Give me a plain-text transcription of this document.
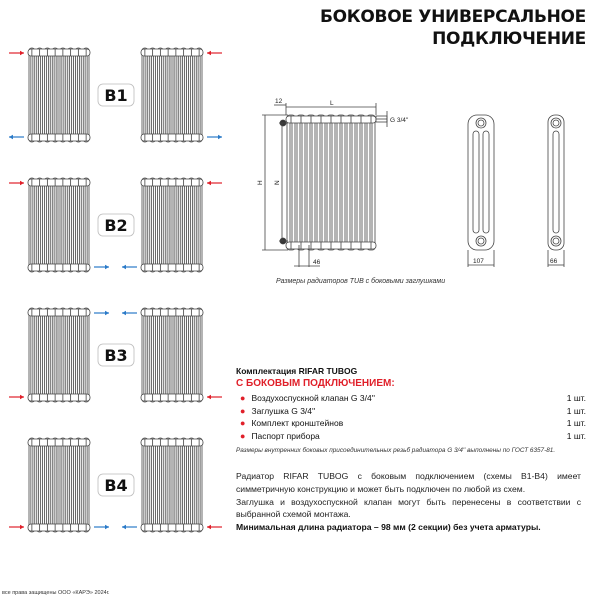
БОКОВОЕ УНИВЕРСАЛЬНОЕ
ПОДКЛЮЧЕНИЕ
B1
B2
B3
B4
L
12
H N
G 3/4''
46	107	66
Размеры радиаторов TUB с боковыми заглушками
Комплектация RIFAR TUBOG
С БОКОВЫМ ПОДКЛЮЧЕНИЕМ:
● Воздухоспускной клапан G 3/4''	1 шт.
● Заглушка G 3/4''	1 шт.
● Комплект кронштейнов	1 шт.
● Паспорт прибора	1 шт.
Размеры внутренних боковых присоединительных резьб радиатора G 3/4'' выполнены по ГОСТ 6357-81.

Радиатор RIFAR TUBOG с боковым подключением (схемы B1-B4) имеет симметричную конструкцию и может быть подключен по любой из схем.

Заглушка и воздухоспускной клапан могут быть перенесены в соответствии с выбранной схемой монтажа.

Минимальная длина радиатора – 98 мм (2 секции) без учета арматуры.

все права защищены ООО «КАРЭ» 2024г.
